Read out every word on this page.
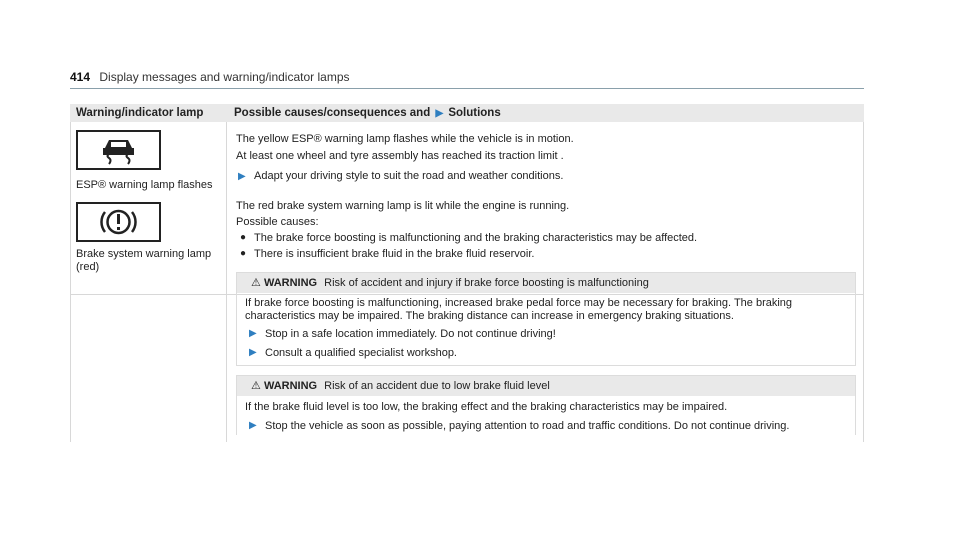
414 Display messages and warning/indicator lamps
Warning/indicator lamp	Possible causes/consequences and ▶ Solutions
ESP® warning lamp flashes
The yellow ESP® warning lamp flashes while the vehicle is in motion.
At least one wheel and tyre assembly has reached its traction limit .
▶ Adapt your driving style to suit the road and weather conditions.
Brake system warning lamp
(red)
The red brake system warning lamp is lit while the engine is running.
Possible causes:
● The brake force boosting is malfunctioning and the braking characteristics may be affected.
● There is insufficient brake fluid in the brake fluid reservoir.
⚠ WARNING Risk of accident and injury if brake force boosting is malfunctioning
If brake force boosting is malfunctioning, increased brake pedal force may be necessary for braking. The braking
characteristics may be impaired. The braking distance can increase in emergency braking situations.
▶ Stop in a safe location immediately. Do not continue driving!
▶ Consult a qualified specialist workshop.
⚠ WARNING Risk of an accident due to low brake fluid level
If the brake fluid level is too low, the braking effect and the braking characteristics may be impaired.
▶ Stop the vehicle as soon as possible, paying attention to road and traffic conditions. Do not continue driving.
